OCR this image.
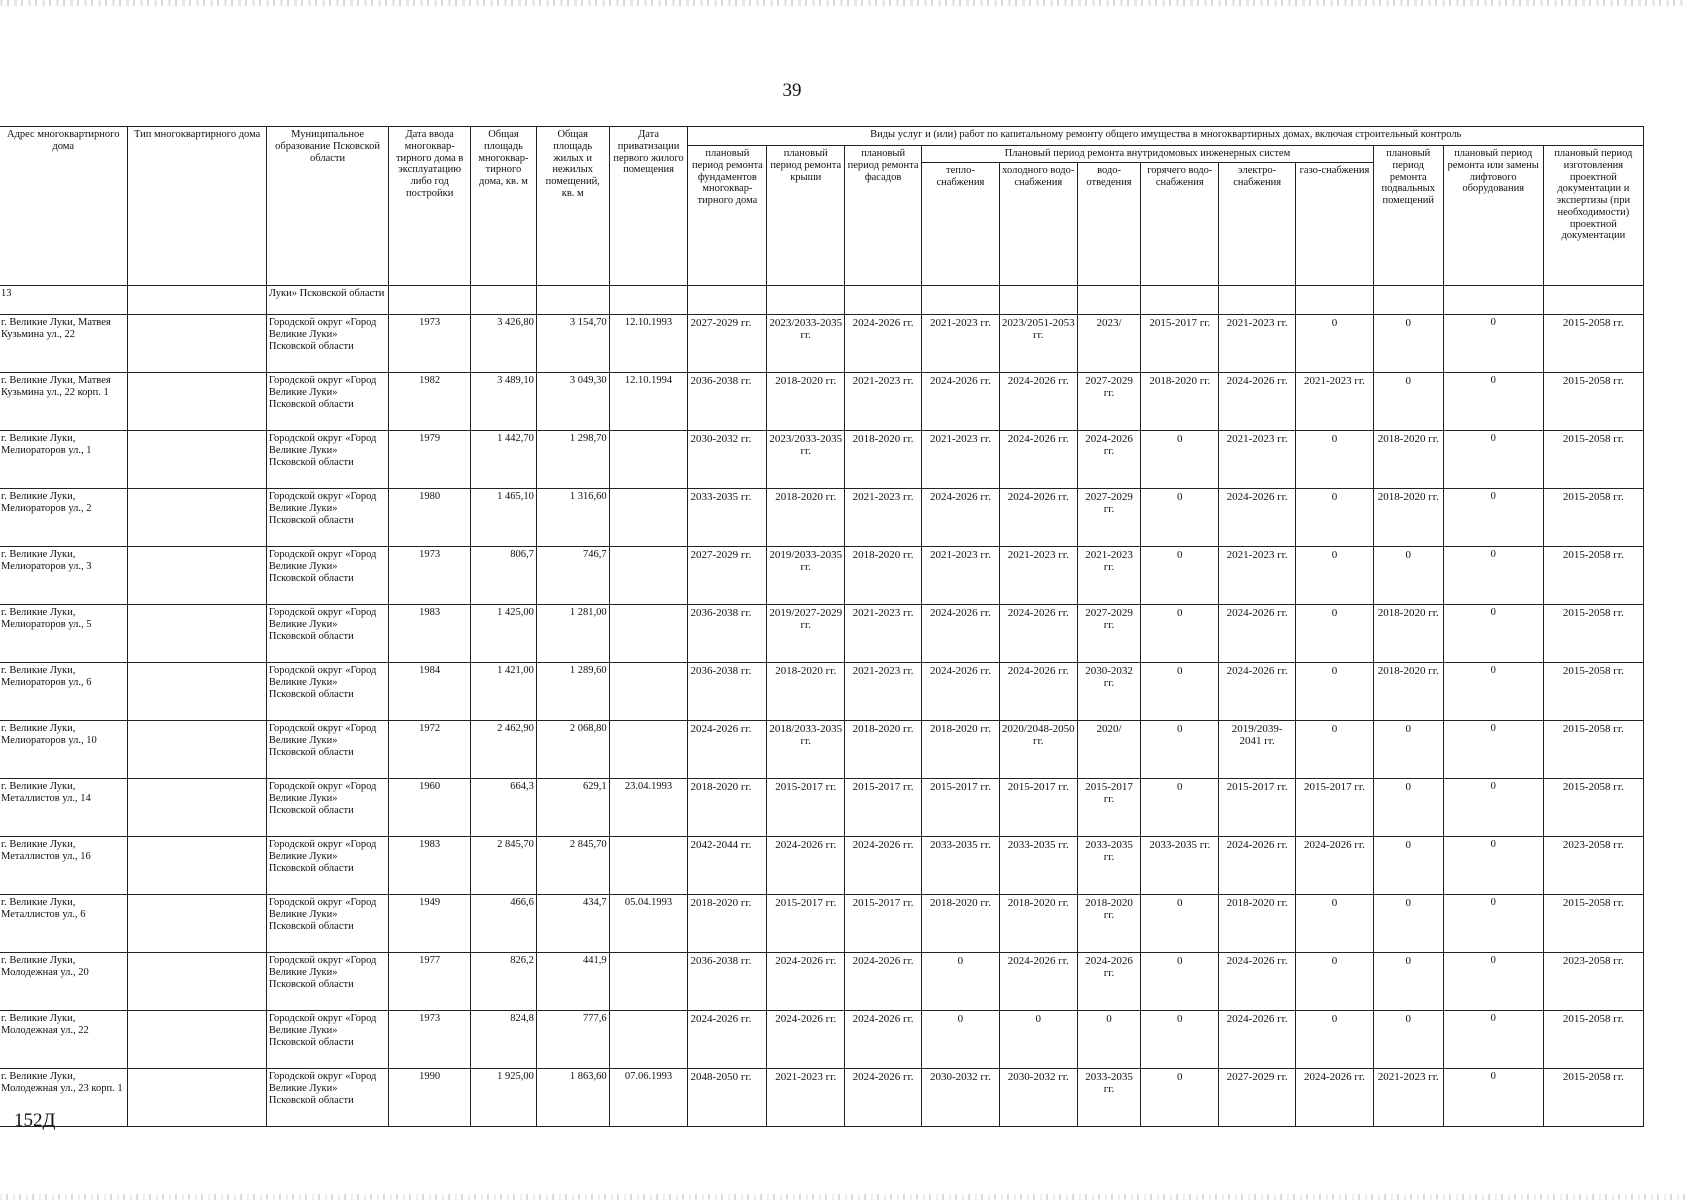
39
Адрес многоквартирного дома	Тип многоквартирного дома	Муниципальное образование Псковской области	Дата ввода многоквар-тирного дома в эксплуатацию либо год постройки	Общая площадь многоквар-тирного дома, кв. м	Общая площадь жилых и нежилых помещений, кв. м	Дата приватизации первого жилого помещения	Виды услуг и (или) работ по капитальному ремонту общего имущества в многоквартирных домах, включая строительный контроль											
							плановый период ремонта фундаментов многоквар-тирного дома	плановый период ремонта крыши	плановый период ремонта фасадов	Плановый период ремонта внутридомовых инженерных систем						плановый период ремонта подвальных помещений	плановый период ремонта или замены лифтового оборудования	плановый период изготовления проектной документации и экспертизы (при необходимости) проектной документации
										тепло-снабжения	холодного водо-снабжения	водо-отведения	горячего водо-снабжения	электро-снабжения	газо-снабжения			
13		Луки» Псковской области																
г. Великие Луки, Матвея Кузьмина ул., 22		Городской округ «Город Великие Луки» Псковской области	1973	3 426,80	3 154,70	12.10.1993	2027-2029 гг.	2023/2033-2035 гг.	2024-2026 гг.	2021-2023 гг.	2023/2051-2053 гг.	2023/	2015-2017 гг.	2021-2023 гг.	0	0	0	2015-2058 гг.
г. Великие Луки, Матвея Кузьмина ул., 22 корп. 1		Городской округ «Город Великие Луки» Псковской области	1982	3 489,10	3 049,30	12.10.1994	2036-2038 гг.	2018-2020 гг.	2021-2023 гг.	2024-2026 гг.	2024-2026 гг.	2027-2029 гг.	2018-2020 гг.	2024-2026 гг.	2021-2023 гг.	0	0	2015-2058 гг.
г. Великие Луки, Мелиораторов ул., 1		Городской округ «Город Великие Луки» Псковской области	1979	1 442,70	1 298,70		2030-2032 гг.	2023/2033-2035 гг.	2018-2020 гг.	2021-2023 гг.	2024-2026 гг.	2024-2026 гг.	0	2021-2023 гг.	0	2018-2020 гг.	0	2015-2058 гг.
г. Великие Луки, Мелиораторов ул., 2		Городской округ «Город Великие Луки» Псковской области	1980	1 465,10	1 316,60		2033-2035 гг.	2018-2020 гг.	2021-2023 гг.	2024-2026 гг.	2024-2026 гг.	2027-2029 гг.	0	2024-2026 гг.	0	2018-2020 гг.	0	2015-2058 гг.
г. Великие Луки, Мелиораторов ул., 3		Городской округ «Город Великие Луки» Псковской области	1973	806,7	746,7		2027-2029 гг.	2019/2033-2035 гг.	2018-2020 гг.	2021-2023 гг.	2021-2023 гг.	2021-2023 гг.	0	2021-2023 гг.	0	0	0	2015-2058 гг.
г. Великие Луки, Мелиораторов ул., 5		Городской округ «Город Великие Луки» Псковской области	1983	1 425,00	1 281,00		2036-2038 гг.	2019/2027-2029 гг.	2021-2023 гг.	2024-2026 гг.	2024-2026 гг.	2027-2029 гг.	0	2024-2026 гг.	0	2018-2020 гг.	0	2015-2058 гг.
г. Великие Луки, Мелиораторов ул., 6		Городской округ «Город Великие Луки» Псковской области	1984	1 421,00	1 289,60		2036-2038 гг.	2018-2020 гг.	2021-2023 гг.	2024-2026 гг.	2024-2026 гг.	2030-2032 гг.	0	2024-2026 гг.	0	2018-2020 гг.	0	2015-2058 гг.
г. Великие Луки, Мелиораторов ул., 10		Городской округ «Город Великие Луки» Псковской области	1972	2 462,90	2 068,80		2024-2026 гг.	2018/2033-2035 гг.	2018-2020 гг.	2018-2020 гг.	2020/2048-2050 гг.	2020/	0	2019/2039-2041 гг.	0	0	0	2015-2058 гг.
г. Великие Луки, Металлистов ул., 14		Городской округ «Город Великие Луки» Псковской области	1960	664,3	629,1	23.04.1993	2018-2020 гг.	2015-2017 гг.	2015-2017 гг.	2015-2017 гг.	2015-2017 гг.	2015-2017 гг.	0	2015-2017 гг.	2015-2017 гг.	0	0	2015-2058 гг.
г. Великие Луки, Металлистов ул., 16		Городской округ «Город Великие Луки» Псковской области	1983	2 845,70	2 845,70		2042-2044 гг.	2024-2026 гг.	2024-2026 гг.	2033-2035 гг.	2033-2035 гг.	2033-2035 гг.	2033-2035 гг.	2024-2026 гг.	2024-2026 гг.	0	0	2023-2058 гг.
г. Великие Луки, Металлистов ул., 6		Городской округ «Город Великие Луки» Псковской области	1949	466,6	434,7	05.04.1993	2018-2020 гг.	2015-2017 гг.	2015-2017 гг.	2018-2020 гг.	2018-2020 гг.	2018-2020 гг.	0	2018-2020 гг.	0	0	0	2015-2058 гг.
г. Великие Луки, Молодежная ул., 20		Городской округ «Город Великие Луки» Псковской области	1977	826,2	441,9		2036-2038 гг.	2024-2026 гг.	2024-2026 гг.	0	2024-2026 гг.	2024-2026 гг.	0	2024-2026 гг.	0	0	0	2023-2058 гг.
г. Великие Луки, Молодежная ул., 22		Городской округ «Город Великие Луки» Псковской области	1973	824,8	777,6		2024-2026 гг.	2024-2026 гг.	2024-2026 гг.	0	0	0	0	2024-2026 гг.	0	0	0	2015-2058 гг.
г. Великие Луки, Молодежная ул., 23 корп. 1		Городской округ «Город Великие Луки» Псковской области	1990	1 925,00	1 863,60	07.06.1993	2048-2050 гг.	2021-2023 гг.	2024-2026 гг.	2030-2032 гг.	2030-2032 гг.	2033-2035 гг.	0	2027-2029 гг.	2024-2026 гг.	2021-2023 гг.	0	2015-2058 гг.
152Д
